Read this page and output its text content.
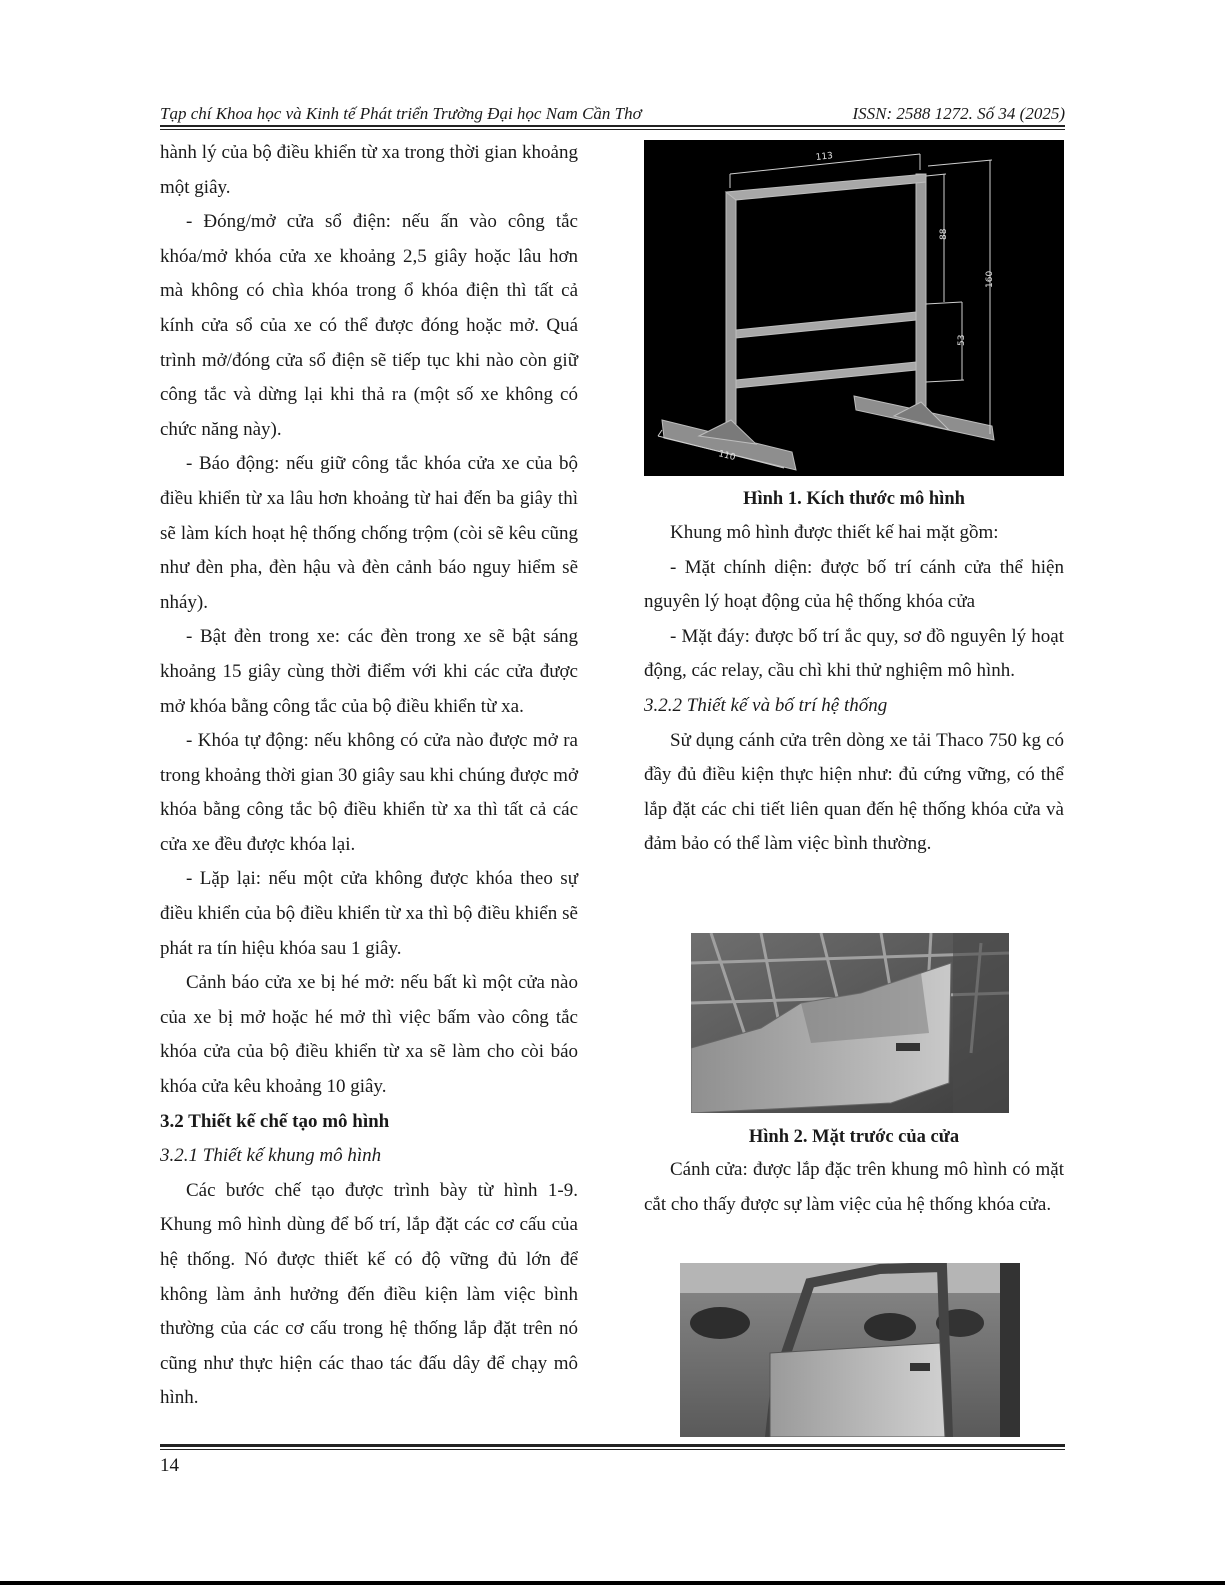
Tạp chí Khoa học và Kinh tế Phát triển Trường Đại học Nam Cần Thơ	ISSN: 2588 1272. Số 34 (2025)

hành lý của bộ điều khiển từ xa trong thời gian khoảng một giây.

- Đóng/mở cửa sổ điện: nếu ấn vào công tắc khóa/mở khóa cửa xe khoảng 2,5 giây hoặc lâu hơn mà không có chìa khóa trong ổ khóa điện thì tất cả kính cửa sổ của xe có thể được đóng hoặc mở. Quá trình mở/đóng cửa sổ điện sẽ tiếp tục khi nào còn giữ công tắc và dừng lại khi thả ra (một số xe không có chức năng này).

- Báo động: nếu giữ công tắc khóa cửa xe của bộ điều khiển từ xa lâu hơn khoảng từ hai đến ba giây thì sẽ làm kích hoạt hệ thống chống trộm (còi sẽ kêu cũng như đèn pha, đèn hậu và đèn cảnh báo nguy hiểm sẽ nháy).

- Bật đèn trong xe: các đèn trong xe sẽ bật sáng khoảng 15 giây cùng thời điểm với khi các cửa được mở khóa bằng công tắc của bộ điều khiển từ xa.

- Khóa tự động: nếu không có cửa nào được mở ra trong khoảng thời gian 30 giây sau khi chúng được mở khóa bằng công tắc bộ điều khiển từ xa thì tất cả các cửa xe đều được khóa lại.

- Lặp lại: nếu một cửa không được khóa theo sự điều khiển của bộ điều khiển từ xa thì bộ điều khiển sẽ phát ra tín hiệu khóa sau 1 giây.

Cảnh báo cửa xe bị hé mở: nếu bất kì một cửa nào của xe bị mở hoặc hé mở thì việc bấm vào công tắc khóa cửa của bộ điều khiển từ xa sẽ làm cho còi báo khóa cửa kêu khoảng 10 giây.

3.2 Thiết kế chế tạo mô hình

3.2.1 Thiết kế khung mô hình

Các bước chế tạo được trình bày từ hình 1-9. Khung mô hình dùng để bố trí, lắp đặt các cơ cấu của hệ thống. Nó được thiết kế có độ vững đủ lớn để không làm ảnh hưởng đến điều kiện làm việc bình thường của các cơ cấu trong hệ thống lắp đặt trên nó cũng như thực hiện các thao tác đấu dây để chạy mô hình.

113
88
53
160
110

Hình 1. Kích thước mô hình

Khung mô hình được thiết kế hai mặt gồm:

- Mặt chính diện: được bố trí cánh cửa thể hiện nguyên lý hoạt động của hệ thống khóa cửa

- Mặt đáy: được bố trí ắc quy, sơ đồ nguyên lý hoạt động, các relay, cầu chì khi thử nghiệm mô hình.

3.2.2 Thiết kế và bố trí hệ thống

Sử dụng cánh cửa trên dòng xe tải Thaco 750 kg có đầy đủ điều kiện thực hiện như: đủ cứng vững, có thể lắp đặt các chi tiết liên quan đến hệ thống khóa cửa và đảm bảo có thể làm việc bình thường.

Hình 2. Mặt trước của cửa

Cánh cửa: được lắp đặc trên khung mô hình có mặt cắt cho thấy được sự làm việc của hệ thống khóa cửa.

14
